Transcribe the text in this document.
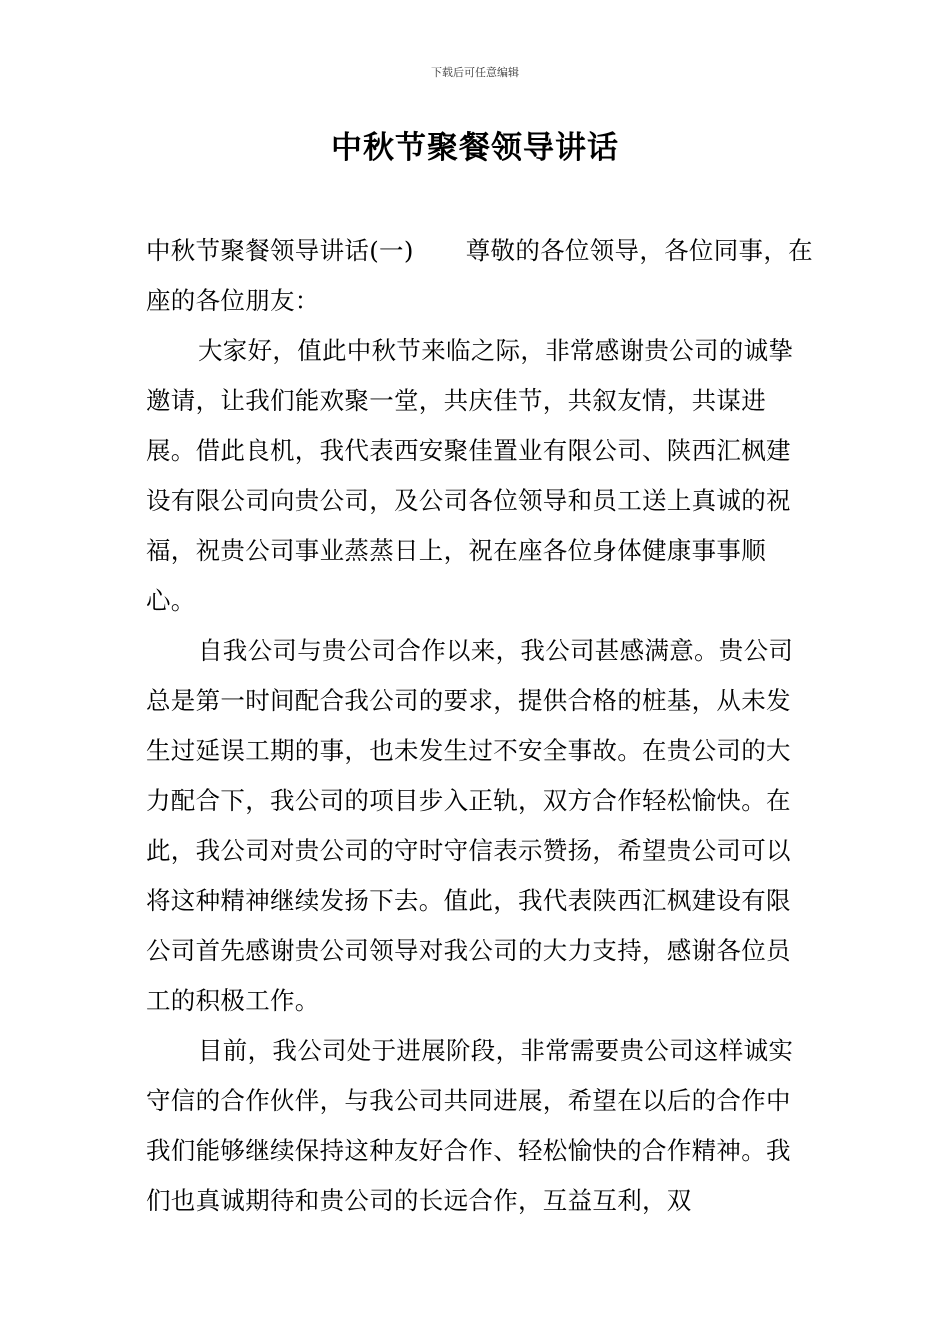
下载后可任意编辑
中秋节聚餐领导讲话

中秋节聚餐领导讲话(一) 尊敬的各位领导，各位同事，在座的各位朋友：

大家好，值此中秋节来临之际，非常感谢贵公司的诚挚邀请，让我们能欢聚一堂，共庆佳节，共叙友情，共谋进展。借此良机，我代表西安聚佳置业有限公司、陕西汇枫建设有限公司向贵公司，及公司各位领导和员工送上真诚的祝福，祝贵公司事业蒸蒸日上，祝在座各位身体健康事事顺心。

自我公司与贵公司合作以来，我公司甚感满意。贵公司总是第一时间配合我公司的要求，提供合格的桩基，从未发生过延误工期的事，也未发生过不安全事故。在贵公司的大力配合下，我公司的项目步入正轨，双方合作轻松愉快。在此，我公司对贵公司的守时守信表示赞扬，希望贵公司可以将这种精神继续发扬下去。值此，我代表陕西汇枫建设有限公司首先感谢贵公司领导对我公司的大力支持，感谢各位员工的积极工作。

目前，我公司处于进展阶段，非常需要贵公司这样诚实守信的合作伙伴，与我公司共同进展，希望在以后的合作中我们能够继续保持这种友好合作、轻松愉快的合作精神。我们也真诚期待和贵公司的长远合作，互益互利，双
